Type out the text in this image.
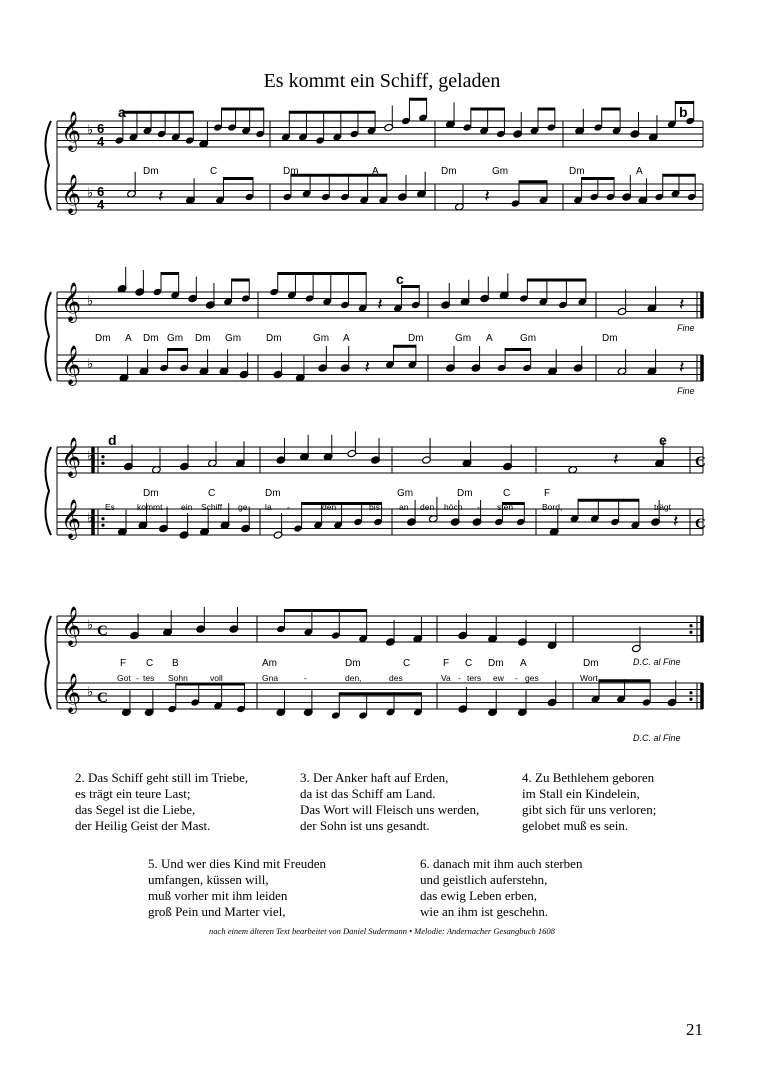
Es kommt ein Schiff, geladen
𝄞
𝄞
♭
♭
6
4
6
4
𝄞
𝄞
♭
♭
𝄞
𝄞
♭
♭
C
C
𝄞
𝄞
♭
♭
C
C
𝄽	𝄽
𝄽	𝄽
𝄽	𝄽
𝄽
𝄽
a	b
c
d	e
Dm	C	Dm	A	Dm	Gm	Dm	A
Dm A Dm Gm Dm Gm Dm	Gm A	Dm	Gm A	Gm	Dm
Dm	C	Dm	Gm	Dm	C	F
Es	kommt ein Schiff ge la -	den	bis an den höch - sten	Bord,	trägt
F C B	Am	Dm	C	F C Dm A	Dm
Got - tes Sohn	voll	Gna	-	den,	des	Va - ters ew - ges	Wort.
Fine
Fine
D.C. al Fine
D.C. al Fine
2. Das Schiff geht still im Triebe,
es trägt ein teure Last;
das Segel ist die Liebe,
der Heilig Geist der Mast.
3. Der Anker haft auf Erden,
da ist das Schiff am Land.
Das Wort will Fleisch uns werden,
der Sohn ist uns gesandt.
4. Zu Bethlehem geboren
im Stall ein Kindelein,
gibt sich für uns verloren;
gelobet muß es sein.
5. Und wer dies Kind mit Freuden
umfangen, küssen will,
muß vorher mit ihm leiden
groß Pein und Marter viel,
6. danach mit ihm auch sterben
und geistlich auferstehn,
das ewig Leben erben,
wie an ihm ist geschehn.
nach einem älteren Text bearbeitet von Daniel Sudermann • Melodie: Andernacher Gesangbuch 1608
21
